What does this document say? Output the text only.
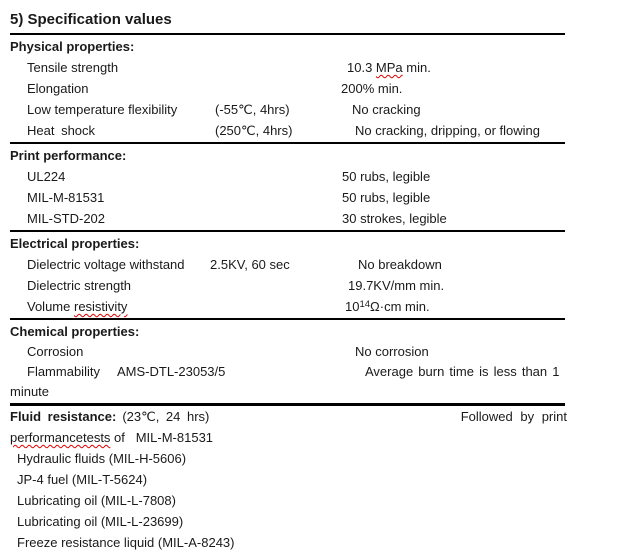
5) Specification values
Physical properties:
Tensile strength	10.3 MPa min.
Elongation	200% min.
Low temperature flexibility	(-55℃, 4hrs)	No cracking
Heat shock	(250℃, 4hrs)	No cracking, dripping, or flowing
Print performance:
UL224	50 rubs, legible
MIL-M-81531	50 rubs, legible
MIL-STD-202	30 strokes, legible
Electrical properties:
Dielectric voltage withstand 2.5KV, 60 sec	No breakdown
Dielectric strength	19.7KV/mm min.
Volume resistivity	$10^{14}\Omega\cdot cm$ min.
Chemical properties:
Corrosion	No corrosion
Flammability AMS-DTL-23053/5	Average burn time is less than 1
minute
Fluid resistance: (23℃, 24 hrs)	Followed by print
performancetests of   MIL-M-81531
Hydraulic fluids (MIL-H-5606)
JP-4 fuel (MIL-T-5624)
Lubricating oil (MIL-L-7808)
Lubricating oil (MIL-L-23699)
Freeze resistance liquid (MIL-A-8243)
